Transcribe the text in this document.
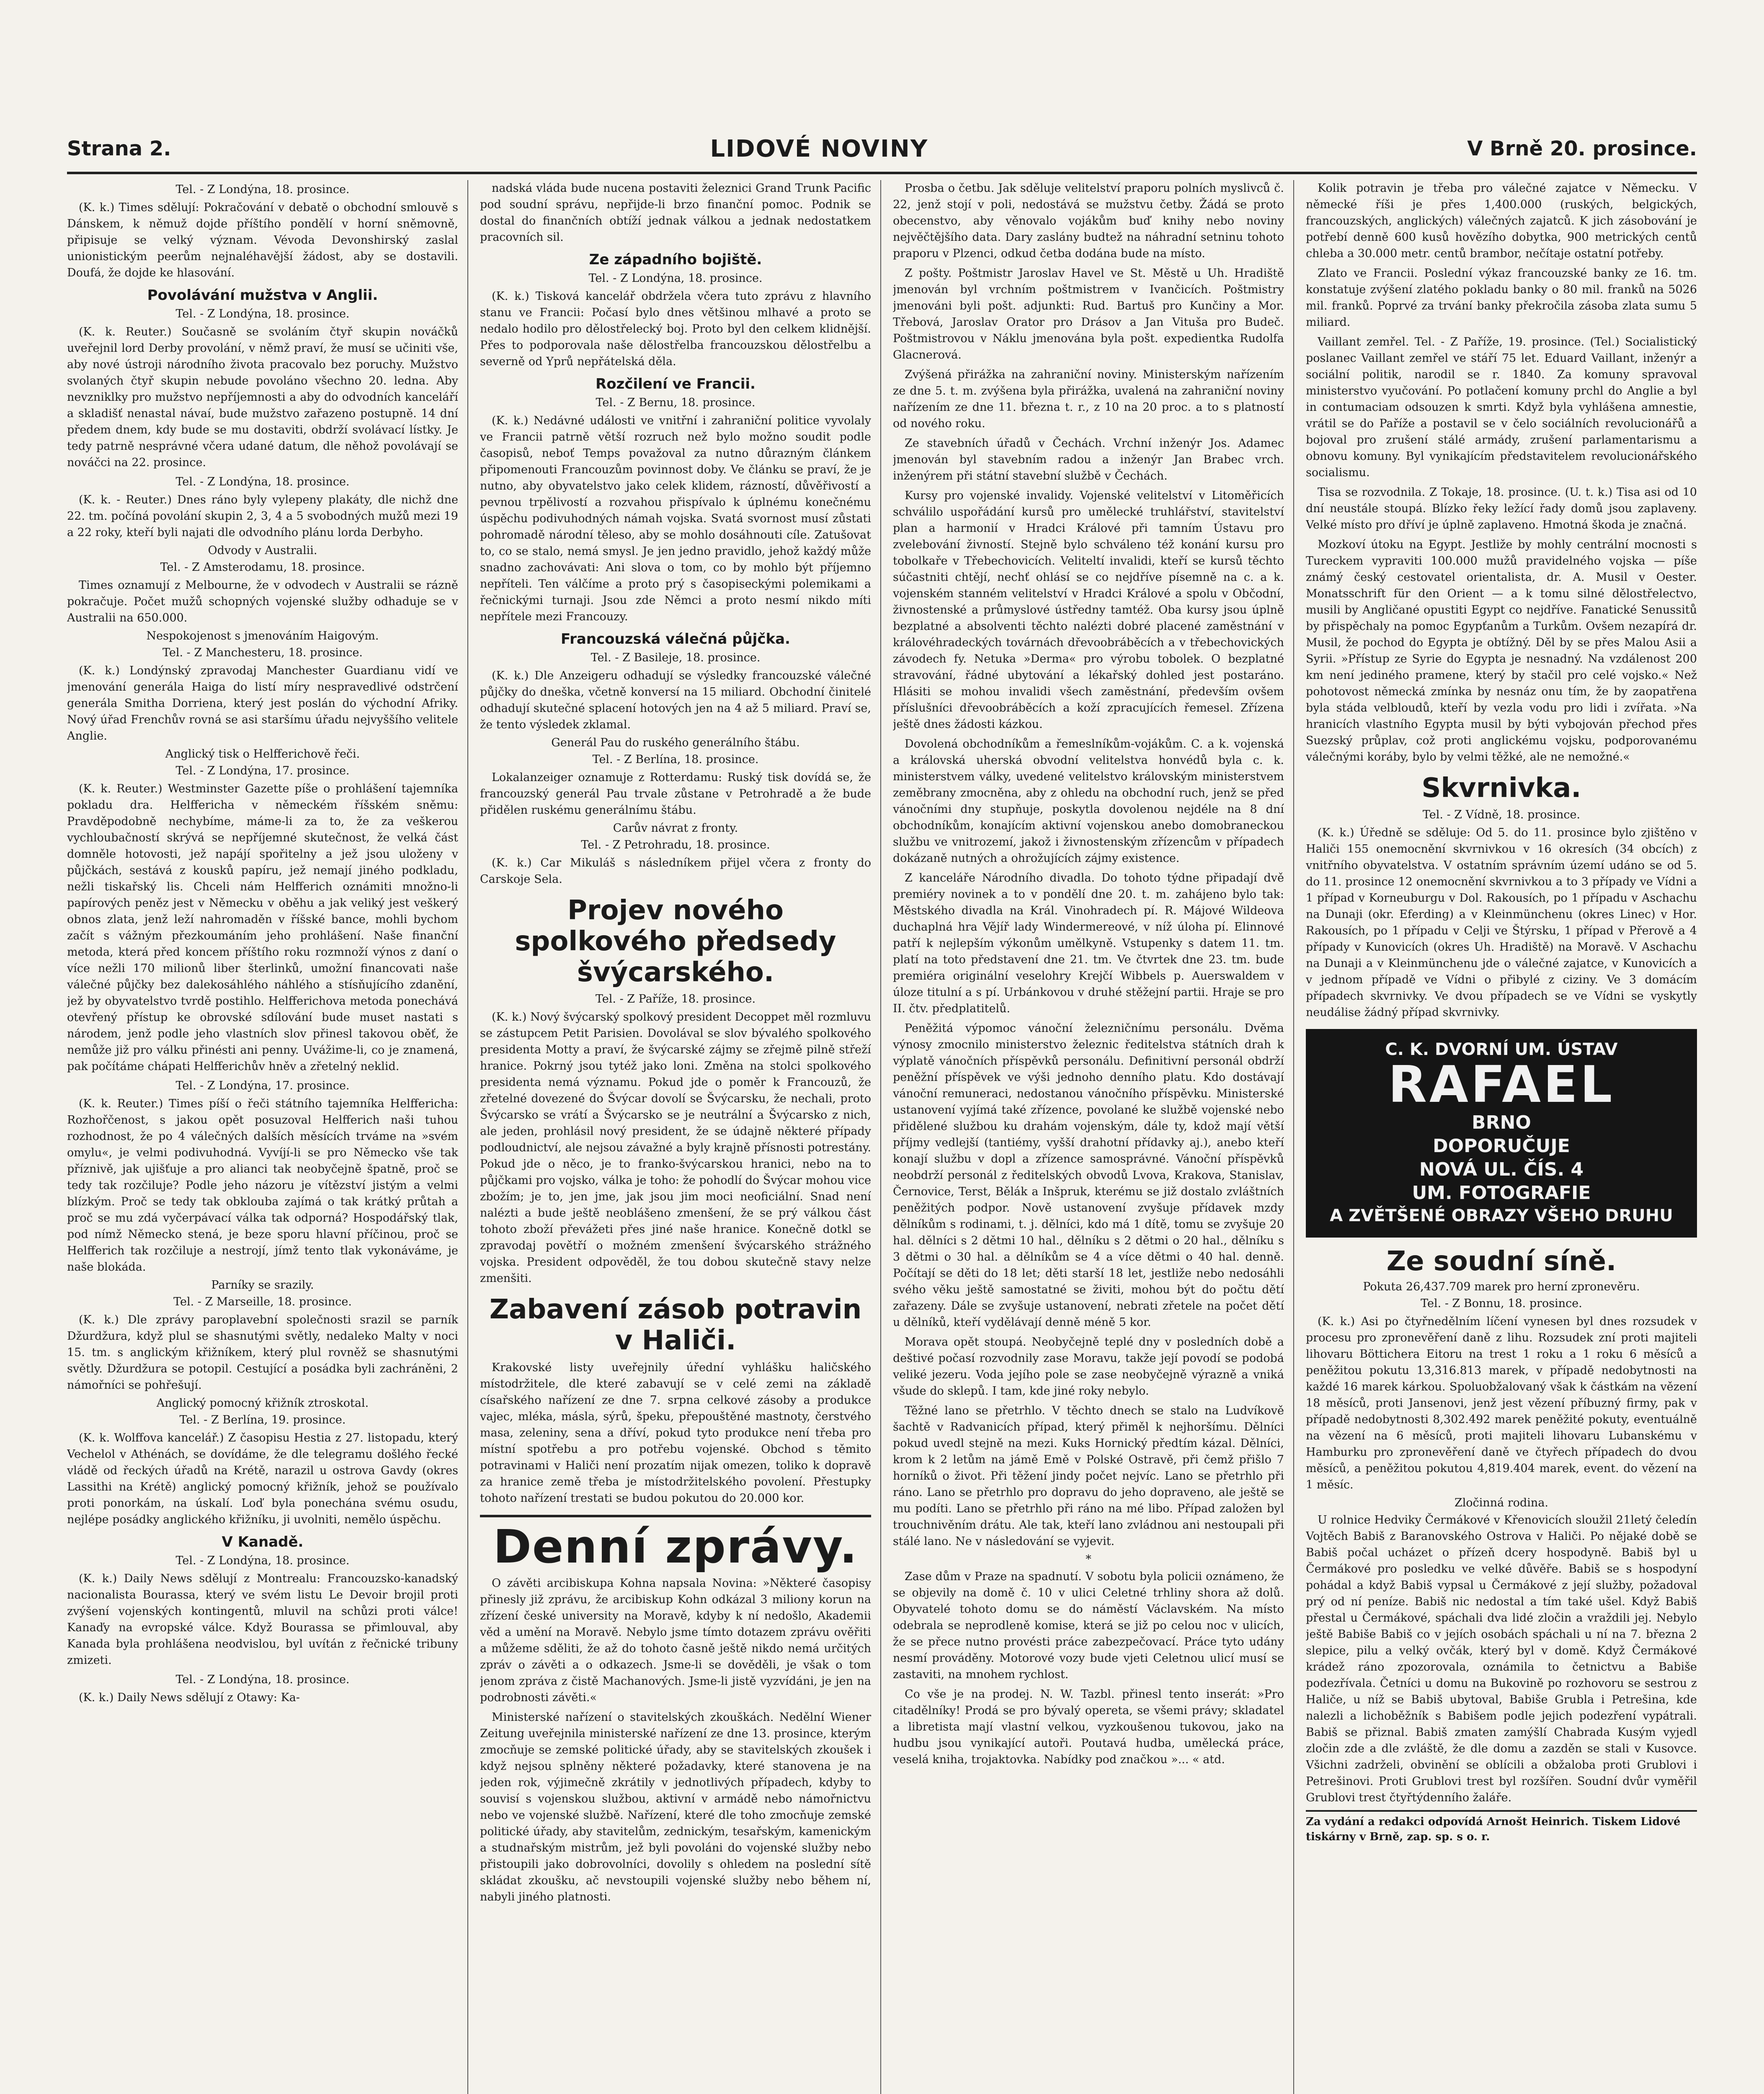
Strana 2.	LIDOVÉ NOVINY	V Brně 20. prosince.
Tel. - Z Londýna, 18. prosince.

(K. k.) Times sdělují: Pokračování v debatě o obchodní smlouvě s Dánskem, k němuž dojde příštího pondělí v horní sněmovně, připisuje se velký význam. Vévoda Devonshirský zaslal unionistickým peerům nejnaléhavější žádost, aby se dostavili. Doufá, že dojde ke hlasování.

Povolávání mužstva v Anglii.
Tel. - Z Londýna, 18. prosince.

(K. k. Reuter.) Současně se svoláním čtyř skupin nováčků uveřejnil lord Derby provolání, v němž praví, že musí se učiniti vše, aby nové ústroji národního života pracovalo bez poruchy. Mužstvo svolaných čtyř skupin nebude povoláno všechno 20. ledna. Aby nevzniklky pro mužstvo nepříjemnosti a aby do odvodních kanceláří a skladišť nenastal návaí, bude mužstvo zařazeno postupně. 14 dní předem dnem, kdy bude se mu dostaviti, obdrží svolávací lístky. Je tedy patrně nesprávné včera udané datum, dle něhož povolávají se nováčci na 22. prosince.

Tel. - Z Londýna, 18. prosince.

(K. k. - Reuter.) Dnes ráno byly vylepeny plakáty, dle nichž dne 22. tm. počíná povolání skupin 2, 3, 4 a 5 svobodných mužů mezi 19 a 22 roky, kteří byli najati dle odvodního plánu lorda Derbyho.

Odvody v Australii.
Tel. - Z Amsterodamu, 18. prosince.

Times oznamují z Melbourne, že v odvodech v Australii se rázně pokračuje. Počet mužů schopných vojenské služby odhaduje se v Australii na 650.000.

Nespokojenost s jmenováním Haigovým.
Tel. - Z Manchesteru, 18. prosince.

(K. k.) Londýnský zpravodaj Manchester Guardianu vidí ve jmenování generála Haiga do listí míry nespravedlivé odstrčení generála Smitha Dorriena, který jest poslán do východní Afriky. Nový úřad Frenchův rovná se asi staršímu úřadu nejvyššího velitele Anglie.

Anglický tisk o Helfferichově řeči.
Tel. - Z Londýna, 17. prosince.

(K. k. Reuter.) Westminster Gazette píše o prohlášení tajemníka pokladu dra. Helfferichа v německém říšském sněmu: Pravděpodobně nechybíme, máme-li za to, že za veškerou vychloubačností skrývá se nepříjemné skutečnost, že velká část domněle hotovosti, jež napájí spořitelny a jež jsou uloženy v půjčkách, sestává z kousků papíru, jež nemají jiného podkladu, nežli tiskařský lis. Chceli nám Helfferich oznámiti množno-li papírových peněz jest v Německu v oběhu a jak veliký jest veškerý obnos zlata, jenž leží nahromaděn v říšské bance, mohli bychom začít s vážným přezkoumáním jeho prohlášení. Naše finanční metoda, která před koncem příštího roku rozmnoží výnos z daní o více nežli 170 milionů liber šterlinků, umožní financovati naše válečné půjčky bez dalekosáhlého náhlého a stísňujícího zdanění, jež by obyvatelstvo tvrdě postihlo. Helfferichova metoda ponechává otevřený přístup ke obrovské sdílování bude muset nastati s národem, jenž podle jeho vlastních slov přinesl takovou oběť, že nemůže již pro válku přinésti ani penny. Uvážime-li, co je znamená, pak počítáme chápati Helfferichův hněv a zřetelný neklid.

Tel. - Z Londýna, 17. prosince.

(K. k. Reuter.) Times píší o řeči státního tajemníka Helffericha: Rozhořčenost, s jakou opět posuzoval Helfferich naši tuhou rozhodnost, že po 4 válečných dalších měsících trváme na »svém omylu«, je velmi podivuhodná. Vyvíjí-li se pro Německo vše tak příznivě, jak ujišťuje a pro alianci tak neobyčejně špatně, proč se tedy tak rozčiluje? Podle jeho názoru je vítězství jistým a velmi blízkým. Proč se tedy tak obklouba zajímá o tak krátký průtah a proč se mu zdá vyčerpávací válka tak odporná? Hospodářský tlak, pod nímž Německo stená, je beze sporu hlavní příčinou, proč se Helfferich tak rozčiluje a nestrojí, jímž tento tlak vykonáváme, je naše blokáda.

Parníky se srazily.
Tel. - Z Marseille, 18. prosince.

(K. k.) Dle zprávy paroplavební společnosti srazil se parník Džurdžura, když plul se shasnutými světly, nedaleko Malty v noci 15. tm. s anglickým křižníkem, který plul rovněž se shasnutými světly. Džurdžura se potopil. Cestující a posádka byli zachráněni, 2 námořníci se pohřešují.

Anglický pomocný křižník ztroskotal.
Tel. - Z Berlína, 19. prosince.

(K. k. Wolffova kancelář.) Z časopisu Hestia z 27. listopadu, který Vechelol v Athénách, se dovídáme, že dle telegramu došlého řecké vládě od řeckých úřadů na Krétě, narazil u ostrova Gavdy (okres Lassithi na Krétě) anglický pomocný křižník, jehož se používalo proti ponorkám, na úskalí. Loď byla ponechána svému osudu, nejlépe posádky anglického křižníku, ji uvolniti, nemělo úspěchu.

V Kanadě.
Tel. - Z Londýna, 18. prosince.

(K. k.) Daily News sdělují z Montrealu: Francouzsko-kanadský nacionalista Bourassa, který ve svém listu Le Devoir brojil proti zvýšení vojenských kontingentů, mluvil na schůzi proti válce! Kanaďy na evropské válce. Když Bourassa se přimlouval, aby Kanada byla prohlášena neodvislou, byl uvítán z řečnické tribuny zmizeti.

Tel. - Z Londýna, 18. prosince.

(K. k.) Daily News sdělují z Otawy: Ka-

nadská vláda bude nucena postaviti železnici Grand Trunk Pacific pod soudní správu, nepřijde-li brzo finanční pomoc. Podnik se dostal do finančních obtíží jednak válkou a jednak nedostatkem pracovních sil.

Ze západního bojiště.
Tel. - Z Londýna, 18. prosince.

(K. k.) Tisková kancelář obdržela včera tuto zprávu z hlavního stanu ve Francii: Počasí bylo dnes většinou mlhavé a proto se nedalo hodilo pro dělostřelecký boj. Proto byl den celkem klidnější. Přes to podporovala naše dělostřelba francouzskou dělostřelbu a severně od Yprů nepřátelská děla.

Rozčilení ve Francii.
Tel. - Z Bernu, 18. prosince.

(K. k.) Nedávné události ve vnitřní i zahraniční politice vyvolaly ve Francii patrně větší rozruch než bylo možno soudit podle časopisů, neboť Temps považoval za nutno důrazným článkem připomenouti Francouzům povinnost doby. Ve článku se praví, že je nutno, aby obyvatelstvo jako celek klidem, rázností, důvěřivostí a pevnou trpělivostí a rozvahou přispívalo k úplnému konečnému úspěchu podivuhodných námah vojska. Svatá svornost musí zůstati pohromadě národní těleso, aby se mohlo dosáhnouti cíle. Zatušovat to, co se stalo, nemá smysl. Je jen jedno pravidlo, jehož každý může snadno zachovávati: Ani slova o tom, co by mohlo být příjemno nepříteli. Ten válčíme a proto prý s časopiseckými polemikami a řečnickými turnaji. Jsou zde Němci a proto nesmí nikdo míti nepřítele mezi Francouzy.

Francouzská válečná půjčka.
Tel. - Z Basileje, 18. prosince.

(K. k.) Dle Anzeigeru odhadují se výsledky francouzské válečné půjčky do dneška, včetně konversí na 15 miliard. Obchodní činitelé odhadují skutečné splacení hotových jen na 4 až 5 miliard. Praví se, že tento výsledek zklamal.

Generál Pau do ruského generálního štábu.
Tel. - Z Berlína, 18. prosince.

Lokalanzeiger oznamuje z Rotterdamu: Ruský tisk dovídá se, že francouzský generál Pau trvale zůstane v Petrohradě a že bude přidělen ruskému generálnímu štábu.

Carův návrat z fronty.
Tel. - Z Petrohradu, 18. prosince.

(K. k.) Car Mikuláš s následníkem přijel včera z fronty do Carskoje Sela.

Projev nového spolkového předsedy švýcarského.
Tel. - Z Paříže, 18. prosince.

(K. k.) Nový švýcarský spolkový president Decoppet měl rozmluvu se zástupcem Petit Parisien. Dovolával se slov bývalého spolkového presidenta Motty a praví, že švýcarské zájmy se zřejmě pilně střeží hranice. Pokrný jsou tytéž jako loni. Změna na stolci spolkového presidenta nemá významu. Pokud jde o poměr k Francouzů, že zřetelné dovezené do Švýcar dovolí se Švýcarsku, že nechali, proto Švýcarsko se vrátí a Švýcarsko se je neutrální a Švýcarsko z nich, ale jeden, prohlásil nový president, že se údajně některé případy podloudnictví, ale nejsou závažné a byly krajně přísnosti potrestány. Pokud jde o něco, je to franko-švýcarskou hranici, nebo na to půjčkami pro vojsko, válka je toho: že pohodlí do Švýcar mohou vice zbožím; je to, jen jme, jak jsou jim moci neoficiální. Snad není nalézti a bude ještě neoblášeno zmenšení, že se prý válkou část tohoto zboží převážeti přes jiné naše hranice. Konečně dotkl se zpravodaj povětří o možném zmenšení švýcarského strážného vojska. President odpověděl, že tou dobou skutečně stavy nelze zmenšiti.

Zabavení zásob potravin v Haliči.

Krakovské listy uveřejnily úřední vyhlášku haličského místodržitele, dle které zabavují se v celé zemi na základě císařského nařízení ze dne 7. srpna celkové zásoby a produkce vajec, mléka, másla, sýrů, špeku, přepouštěné mastnoty, čerstvého masa, zeleniny, sena a dříví, pokud tyto produkce není třeba pro místní spotřebu a pro potřebu vojenské. Obchod s těmito potravinami v Haliči není prozatím nijak omezen, toliko k dopravě za hranice země třeba je místodržitelského povolení. Přestupky tohoto nařízení trestati se budou pokutou do 20.000 kor.

Denní zprávy.

O závěti arcibiskupa Kohna napsala Novina: »Některé časopisy přinesly již zprávu, že arcibiskup Kohn odkázal 3 miliony korun na zřízení české university na Moravě, kdyby k ní nedošlo, Akademii věd a umění na Moravě. Nebylo jsme tímto dotazem zprávu ověřiti a můžeme sděliti, že až do tohoto časně ještě nikdo nemá určitých zpráv o závěti a o odkazech. Jsme-li se dověděli, je však o tom jenom zpráva z čistě Machanových. Jsme-li jistě vyzvídáni, je jen na podrobnosti závěti.«

Ministerské nařízení o stavitelských zkouškách. Nedělní Wiener Zeitung uveřejnila ministerské nařízení ze dne 13. prosince, kterým zmocňuje se zemské politické úřady, aby se stavitelských zkoušek i když nejsou splněny některé požadavky, které stanovena je na jeden rok, výjimečně zkrátily v jednotlivých případech, kdyby to souvisí s vojenskou službou, aktivní v armádě nebo námořnictvu nebo ve vojenské službě. Nařízení, které dle toho zmocňuje zemské politické úřady, aby stavitelům, zednickým, tesařským, kamenickým a studnařským mistrům, jež byli povoláni do vojenské služby nebo přistoupili jako dobrovolníci, dovolily s ohledem na poslední sítě skládat zkoušku, ač nevstoupili vojenské služby nebo během ní, nabyli jiného platnosti.

Prosba o četbu. Jak sděluje velitelství praporu polních myslivců č. 22, jenž stojí v poli, nedostává se mužstvu četby. Žádá se proto obecenstvo, aby věnovalo vojákům buď knihy nebo noviny nejvěčtějšího data. Dary zaslány budtež na náhradní setninu tohoto praporu v Plzenci, odkud četba dodána bude na místo.

Z pošty. Poštmistr Jaroslav Havel ve St. Městě u Uh. Hradiště jmenován byl vrchním poštmistrem v Ivančicích. Poštmistry jmenováni byli pošt. adjunkti: Rud. Bartuš pro Kunčiny a Mor. Třebová, Jaroslav Orator pro Drásov a Jan Vituša pro Budeč. Poštmistrovou v Náklu jmenována byla pošt. expedientka Rudolfa Glacnerová.

Zvýšená přirážka na zahraniční noviny. Ministerským nařízením ze dne 5. t. m. zvýšena byla přirážka, uvalená na zahraniční noviny nařízením ze dne 11. března t. r., z 10 na 20 proc. a to s platností od nového roku.

Ze stavebních úřadů v Čechách. Vrchní inženýr Jos. Adamec jmenován byl stavebním radou a inženýr Jan Brabec vrch. inženýrem při státní stavební službě v Čechách.

Kursy pro vojenské invalidy. Vojenské velitelství v Litoměřicích schválilo uspořádání kursů pro umělecké truhlářství, stavitelství plan a harmonií v Hradci Králové při tamním Ústavu pro zvelebování živností. Stejně bylo schváleno též konání kursu pro tobolkaře v Třebechovicích. Veliteltí invalidi, kteří se kursů těchto súčastniti chtějí, nechť ohlásí se co nejdříve písemně na c. a k. vojenském stanném velitelství v Hradci Králové a spolu v Občodní, živnostenské a průmyslové ústředny tamtéž. Oba kursy jsou úplně bezplatné a absolventi těchto nalézti dobré placené zaměstnání v královéhradeckých továrnách dřevoobráběcích a v třebechovických závodech fy. Netuka »Derma« pro výrobu tobolek. O bezplatné stravování, řádné ubytování a lékařský dohled jest postaráno. Hlásiti se mohou invalidi všech zaměstnání, především ovšem příslušníci dřevoobráběcích a koží zpracujících řemesel. Zřízena ještě dnes žádosti kázkou.

Dovolená obchodníkům a řemeslníkům-vojákům. C. a k. vojenská a královská uherská obvodní velitelstva honvédů byla c. k. ministerstvem války, uvedené velitelstvo královským ministerstvem zeměbrany zmocněna, aby z ohledu na obchodní ruch, jenž se před vánočními dny stupňuje, poskytla dovolenou nejdéle na 8 dní obchodníkům, konajícím aktivní vojenskou anebo domobraneckou službu ve vnitrozemí, jakož i živnostenským zřízencům v případech dokázaně nutných a ohrožujících zájmy existence.

Z kanceláře Národního divadla. Do tohoto týdne připadají dvě premiéry novinek a to v pondělí dne 20. t. m. zahájeno bylo tak: Městského divadla na Král. Vinohradech pí. R. Májové Wildeova duchaplná hra Vějíř lady Windermereové, v níž úloha pí. Elinnové patří k nejlepším výkonům umělkyně. Vstupenky s datem 11. tm. platí na toto představení dne 21. tm. Ve čtvrtek dne 23. tm. bude premiéra originální veselohry Krejčí Wibbels p. Auerswaldem v úloze titulní a s pí. Urbánkovou v druhé stěžejní partii. Hraje se pro II. čtv. předplatitelů.

Peněžitá výpomoc vánoční železničnímu personálu. Dvěma výnosy zmocnilo ministerstvo železnic ředitelstva státních drah k výplatě vánočních příspěvků personálu. Definitivní personál obdrží peněžní příspěvek ve výši jednoho denního platu. Kdo dostávají vánoční remuneraci, nedostanou vánočního příspěvku. Ministerské ustanovení vyjímá také zřízence, povolané ke službě vojenské nebo přidělené službou ku drahám vojenským, dále ty, kdož mají větší příjmy vedlejší (tantiémy, vyšší drahotní přídavky aj.), anebo kteří konají službu v dopl a zřízence samosprávné. Vánoční příspěvků neobdrží personál z ředitelských obvodů Lvova, Krakova, Stanislav, Černovice, Terst, Bělák a Inšpruk, kterému se již dostalo zvláštních peněžitých podpor. Nově ustanovení zvyšuje přídavek mzdy dělníkům s rodinami, t. j. dělníci, kdo má 1 dítě, tomu se zvyšuje 20 hal. dělníci s 2 dětmi 10 hal., dělníku s 2 dětmi o 20 hal., dělníku s 3 dětmi o 30 hal. a dělníkům se 4 a více dětmi o 40 hal. denně. Počítají se děti do 18 let; děti starší 18 let, jestliže nebo nedosáhli svého věku ještě samostatné se živiti, mohou být do počtu dětí zařazeny. Dále se zvyšuje ustanovení, nebrati zřetele na počet dětí u dělníků, kteří vydělávají denně méně 5 kor.

Morava opět stoupá. Neobyčejně teplé dny v posledních době a deštivé počasí rozvodnily zase Moravu, takže její povodí se podobá veliké jezeru. Voda jejího pole se zase neobyčejně výrazně a vniká všude do sklepů. I tam, kde jiné roky nebylo.

Těžné lano se přetrhlo. V těchto dnech se stalo na Ludvíkově šachtě v Radvanicích případ, který přiměl k nejhoršímu. Dělníci pokud uvedl stejně na mezi. Kuks Hornický předtím kázal. Dělníci, krom k 2 letům na jámě Emě v Polské Ostravě, při čemž přišlo 7 horníků o život. Při těžení jindy počet nejvíc. Lano se přetrhlo při ráno. Lano se přetrhlo pro dopravu do jeho dopraveno, ale ještě se mu podíti. Lano se přetrhlo při ráno na mé libo. Případ založen byl trouchnivěním drátu. Ale tak, kteří lano zvládnou ani nestoupali při stálé lano. Ne v následování se vyjevit.

*

Zase dům v Praze na spadnutí. V sobotu byla policii oznámeno, že se objevily na domě č. 10 v ulici Celetné trhliny shora až dolů. Obyvatelé tohoto domu se do náměstí Václavském. Na místo odebrala se neprodleně komise, která se již po celou noc v ulicích, že se přece nutno provésti práce zabezpečovací. Práce tyto udány nesmí prováděny. Motorové vozy bude vjeti Celetnou ulicí musí se zastaviti, na mnohem rychlost.

Co vše je na prodej. N. W. Tazbl. přinesl tento inserát: »Pro citadělníky! Prodá se pro bývalý opereta, se všemi právy; skladatel a libretista mají vlastní velkou, vyzkoušenou tukovou, jako na hudbu jsou vynikající autoři. Poutavá hudba, umělecká práce, veselá kniha, trojaktovka. Nabídky pod značkou »... « atd.

Kolik potravin je třeba pro válečné zajatce v Německu. V německé říši je přes 1,400.000 (ruských, belgických, francouzských, anglických) válečných zajatců. K jich zásobování je potřebí denně 600 kusů hovězího dobytka, 900 metrických centů chleba a 30.000 metr. centů brambor, nečítaje ostatní potřeby.

Zlato ve Francii. Poslední výkaz francouzské banky ze 16. tm. konstatuje zvýšení zlatého pokladu banky o 80 mil. franků na 5026 mil. franků. Poprvé za trvání banky překročila zásoba zlata sumu 5 miliard.

Vaillant zemřel. Tel. - Z Paříže, 19. prosince. (Tel.) Socialistický poslanec Vaillant zemřel ve stáří 75 let. Eduard Vaillant, inženýr a sociální politik, narodil se r. 1840. Za komuny spravoval ministerstvo vyučování. Po potlačení komuny prchl do Anglie a byl in contumaciam odsouzen k smrti. Když byla vyhlášena amnestie, vrátil se do Paříže a postavil se v čelo sociálních revolucionářů a bojoval pro zrušení stálé armády, zrušení parlamentarismu a obnovu komuny. Byl vynikajícím představitelem revolucionářského socialismu.

Tisa se rozvodnila. Z Tokaje, 18. prosince. (U. t. k.) Tisa asi od 10 dní neustále stoupá. Blízko řeky ležící řady domů jsou zaplaveny. Velké místo pro dříví je úplně zaplaveno. Hmotná škoda je značná.

Mozkoví útoku na Egypt. Jestliže by mohly centrální mocnosti s Tureckem vypraviti 100.000 mužů pravidelného vojska — píše známý český cestovatel orientalista, dr. A. Musil v Oester. Monatsschrift für den Orient — a k tomu silné dělostřelectvo, musili by Angličané opustiti Egypt co nejdříve. Fanatické Senussitů by přispěchaly na pomoc Egypťanům a Turkům. Ovšem nezapírá dr. Musil, že pochod do Egypta je obtížný. Děl by se přes Malou Asii a Syrii. »Přístup ze Syrie do Egypta je nesnadný. Na vzdálenost 200 km není jediného pramene, který by stačil pro celé vojsko.« Než pohotovost německá zmínka by nesnáz onu tím, že by zaopatřena byla stáda velbloudů, kteří by vezla vodu pro lidi i zvířata. »Na hranicích vlastního Egypta musil by býti vybojován přechod přes Suezský průplav, což proti anglickému vojsku, podporovanému válečnými koráby, bylo by velmi těžké, ale ne nemožné.«

Skvrnivka.
Tel. - Z Vídně, 18. prosince.

(K. k.) Úředně se sděluje: Od 5. do 11. prosince bylo zjištěno v Haliči 155 onemocnění skvrnivkou v 16 okresích (34 obcích) z vnitřního obyvatelstva. V ostatním správním území udáno se od 5. do 11. prosince 12 onemocnění skvrnivkou a to 3 případy ve Vídni a 1 případ v Korneuburgu v Dol. Rakousích, po 1 případu v Aschachu na Dunaji (okr. Eferding) a v Kleinmünchenu (okres Linec) v Hor. Rakousích, po 1 případu v Celji ve Štýrsku, 1 případ v Přerově a 4 případy v Kunovicích (okres Uh. Hradiště) na Moravě. V Aschachu na Dunaji a v Kleinmünchenu jde o válečné zajatce, v Kunovicích a v jednom případě ve Vídni o přibylé z ciziny. Ve 3 domácím případech skvrnivky. Ve dvou případech se ve Vídni se vyskytly neudálise žádný případ skvrnivky.

C. K. DVORNÍ UM. ÚSTAV
RAFAEL
BRNO
DOPORUČUJE
NOVÁ UL. ČÍS. 4
UM. FOTOGRAFIE
A ZVĚTŠENÉ OBRAZY VŠEHO DRUHU
Ze soudní síně.
Pokuta 26,437.709 marek pro herní zpronevěru.
Tel. - Z Bonnu, 18. prosince.

(K. k.) Asi po čtyřnedělním líčení vynesen byl dnes rozsudek v procesu pro zpronevěření daně z lihu. Rozsudek zní proti majiteli lihovaru Böttichera Eitoru na trest 1 roku a 1 roku 6 měsíců a peněžitou pokutu 13,316.813 marek, v případě nedobytnosti na každé 16 marek kárkou. Spoluobžalovaný však k částkám na vězení 18 měsíců, proti Jansenovi, jenž jest vězení příbuzný firmy, pak v případě nedobytnosti 8,302.492 marek peněžité pokuty, eventuálně na vězení na 6 měsíců, proti majiteli lihovaru Lubanskému v Hamburku pro zpronevěření daně ve čtyřech případech do dvou měsíců, a peněžitou pokutou 4,819.404 marek, event. do vězení na 1 měsíc.

Zločinná rodina.

U rolnice Hedviky Čermákové v Křenovicích sloužil 21letý čeledín Vojtěch Babiš z Baranovského Ostrova v Haliči. Po nějaké době se Babiš počal ucházet o přízeň dcery hospodyně. Babiš byl u Čermákové pro posledku ve velké důvěře. Babiš se s hospodyní pohádal a když Babiš vypsal u Čermákové z její služby, požadoval prý od ní peníze. Babiš nic nedostal a tím také ušel. Když Babiš přestal u Čermákové, spáchali dva lidé zločin a vraždili jej. Nebylo ještě Babiše Babiš co v jejích osobách spáchali u ní na 7. března 2 slepice, pilu a velký ovčák, který byl v domě. Když Čermákové krádež ráno zpozorovala, oznámila to četnictvu a Babiše podezřívala. Četníci u domu na Bukovině po rozhovoru se sestrou z Haliče, u níž se Babiš ubytoval, Babiše Grubla i Petrešina, kde nalezli a lichoběžník s Babišem podle jejich podezření vypátrali. Babiš se přiznal. Babiš zmaten zamýšlí Chabrada Kusým vyjedl zločin zde a dle zvláště, že dle domu a zazděn se stali v Kusovce. Všichni zadrželi, obvinění se oblícili a obžaloba proti Grublovi i Petrešinovi. Proti Grublovi trest byl rozšířen. Soudní dvůr vyměřil Grublovi trest čtyřtýdenního žaláře.

Za vydání a redakci odpovídá Arnošt Heinrich. Tiskem Lidové tiskárny v Brně, zap. sp. s o. r.
